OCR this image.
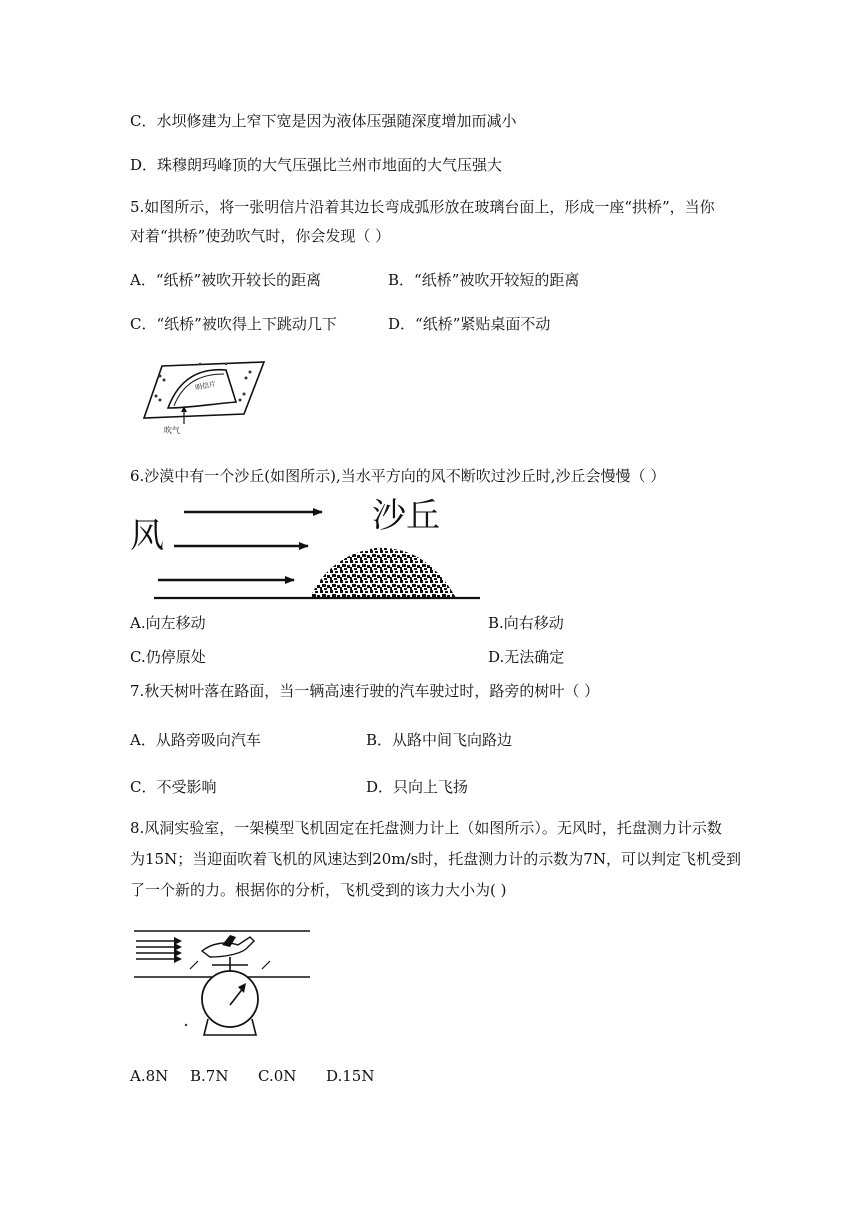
C．水坝修建为上窄下宽是因为液体压强随深度增加而减小
D．珠穆朗玛峰顶的大气压强比兰州市地面的大气压强大
5.如图所示，将一张明信片沿着其边长弯成弧形放在玻璃台面上，形成一座“拱桥”，当你
对着“拱桥”使劲吹气时，你会发现（ ）
A．“纸桥”被吹开较长的距离	B．“纸桥”被吹开较短的距离
C．“纸桥”被吹得上下跳动几下	D．“纸桥”紧贴桌面不动
明信片
吹气
6.沙漠中有一个沙丘(如图所示),当水平方向的风不断吹过沙丘时,沙丘会慢慢（ ）
风	沙丘
A.向左移动	B.向右移动
C.仍停原处	D.无法确定
7.秋天树叶落在路面，当一辆高速行驶的汽车驶过时，路旁的树叶（ ）
A．从路旁吸向汽车	B．从路中间飞向路边
C．不受影响	D．只向上飞扬
8.风洞实验室，一架模型飞机固定在托盘测力计上（如图所示）。无风时，托盘测力计示数
为15N；当迎面吹着飞机的风速达到20m/s时，托盘测力计的示数为7N，可以判定飞机受到
了一个新的力。根据你的分析，飞机受到的该力大小为( )
A.8N B.7N C.0N D.15N
